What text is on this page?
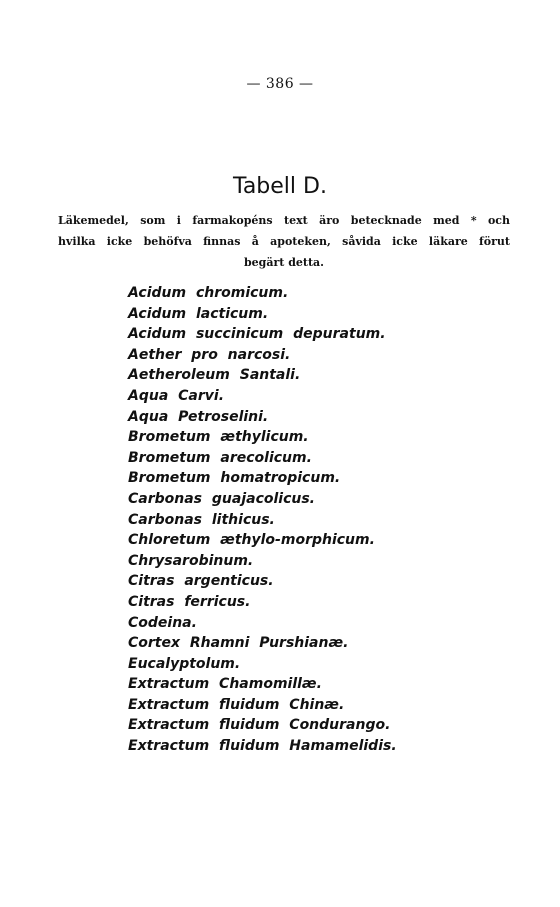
— 386 —
Tabell D.
Läkemedel, som i farmakopéns text äro betecknade med * och
hvilka icke behöfva finnas å apoteken, såvida icke läkare förut
begärt detta.
Acidum chromicum.
Acidum lacticum.
Acidum succinicum depuratum.
Aether pro narcosi.
Aetheroleum Santali.
Aqua Carvi.
Aqua Petroselini.
Brometum æthylicum.
Brometum arecolicum.
Brometum homatropicum.
Carbonas guajacolicus.
Carbonas lithicus.
Chloretum æthylo-morphicum.
Chrysarobinum.
Citras argenticus.
Citras ferricus.
Codeina.
Cortex Rhamni Purshianæ.
Eucalyptolum.
Extractum Chamomillæ.
Extractum fluidum Chinæ.
Extractum fluidum Condurango.
Extractum fluidum Hamamelidis.
